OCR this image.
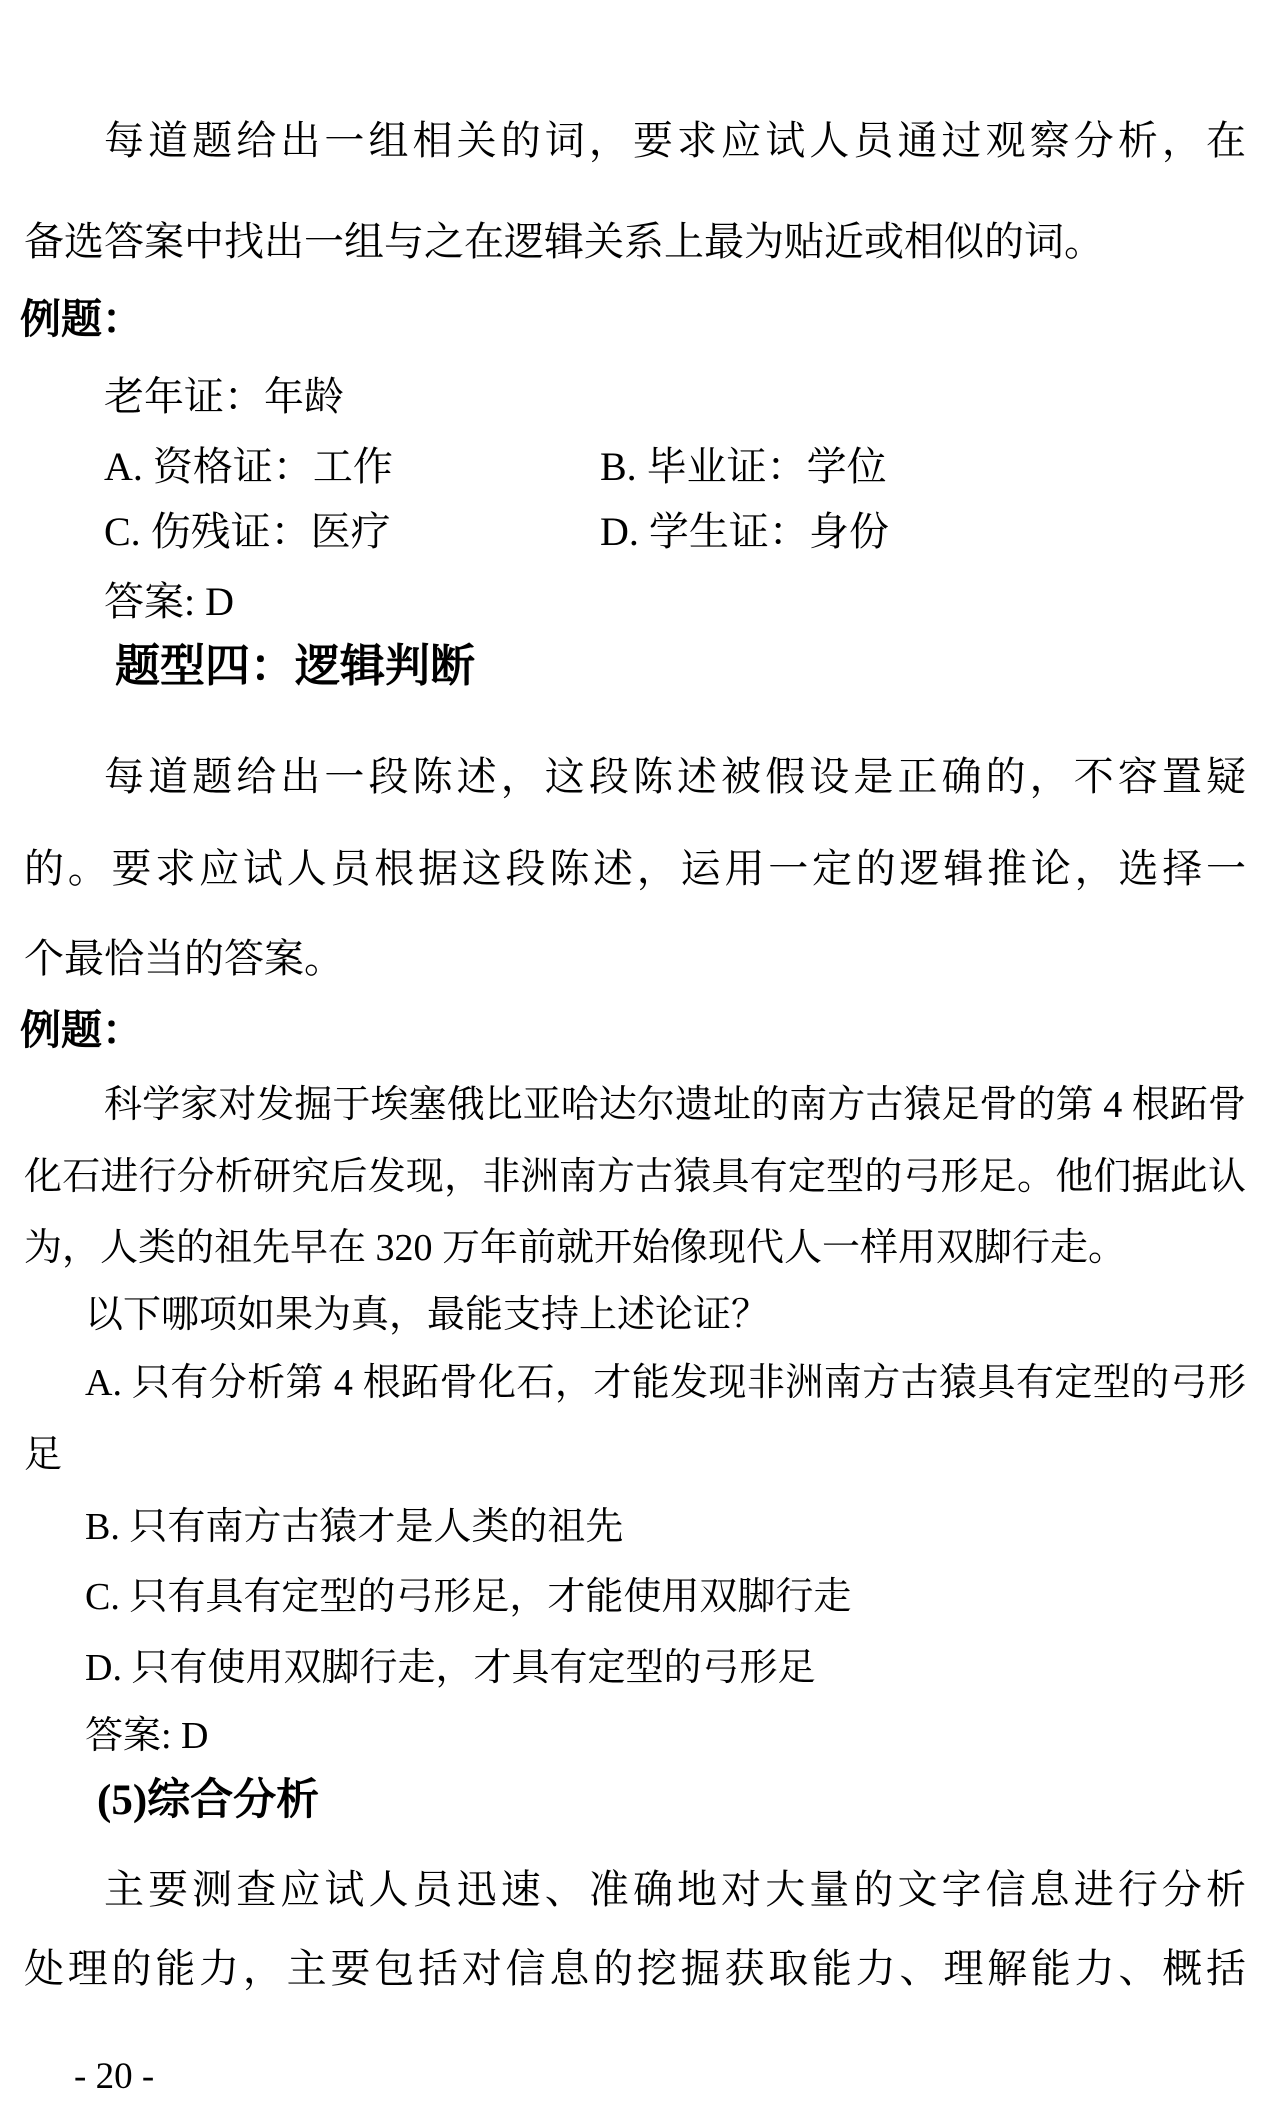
每道题给出一组相关的词，要求应试人员通过观察分析，在
备选答案中找出一组与之在逻辑关系上最为贴近或相似的词。
例题：
老年证：年龄
A. 资格证：工作	B. 毕业证：学位
C. 伤残证：医疗	D. 学生证：身份
答案: D
题型四：逻辑判断
每道题给出一段陈述，这段陈述被假设是正确的，不容置疑
的。要求应试人员根据这段陈述，运用一定的逻辑推论，选择一
个最恰当的答案。
例题：
科学家对发掘于埃塞俄比亚哈达尔遗址的南方古猿足骨的第 4 根跖骨
化石进行分析研究后发现，非洲南方古猿具有定型的弓形足。他们据此认
为，人类的祖先早在 320 万年前就开始像现代人一样用双脚行走。
以下哪项如果为真，最能支持上述论证？
A. 只有分析第 4 根跖骨化石，才能发现非洲南方古猿具有定型的弓形
足
B. 只有南方古猿才是人类的祖先
C. 只有具有定型的弓形足，才能使用双脚行走
D. 只有使用双脚行走，才具有定型的弓形足
答案: D
(5)综合分析
主要测查应试人员迅速、准确地对大量的文字信息进行分析
处理的能力，主要包括对信息的挖掘获取能力、理解能力、概括
- 20 -
